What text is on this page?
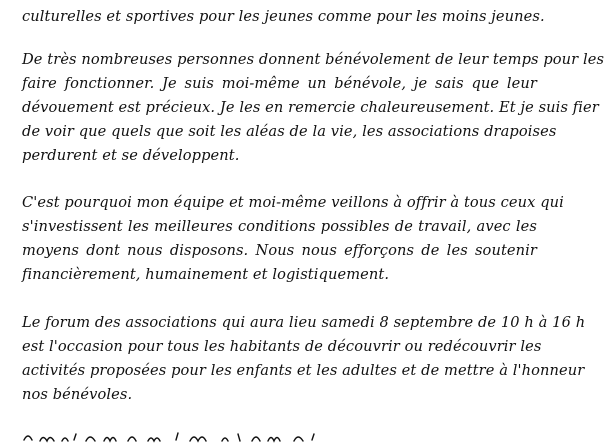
culturelles et sportives pour les jeunes comme pour les moins jeunes.
De très nombreuses personnes donnent bénévolement de leur temps pour les
faire fonctionner. Je suis moi-même un bénévole, je sais que leur
dévouement est précieux. Je les en remercie chaleureusement. Et je suis fier
de voir que quels que soit les aléas de la vie, les associations drapoises
perdurent et se développent.
C'est pourquoi mon équipe et moi-même veillons à offrir à tous ceux qui
s'investissent les meilleures conditions possibles de travail, avec les
moyens dont nous disposons. Nous nous efforçons de les soutenir
financièrement, humainement et logistiquement.
Le forum des associations qui aura lieu samedi 8 septembre de 10 h à 16 h
est l'occasion pour tous les habitants de découvrir ou redécouvrir les
activités proposées pour les enfants et les adultes et de mettre à l'honneur
nos bénévoles.
